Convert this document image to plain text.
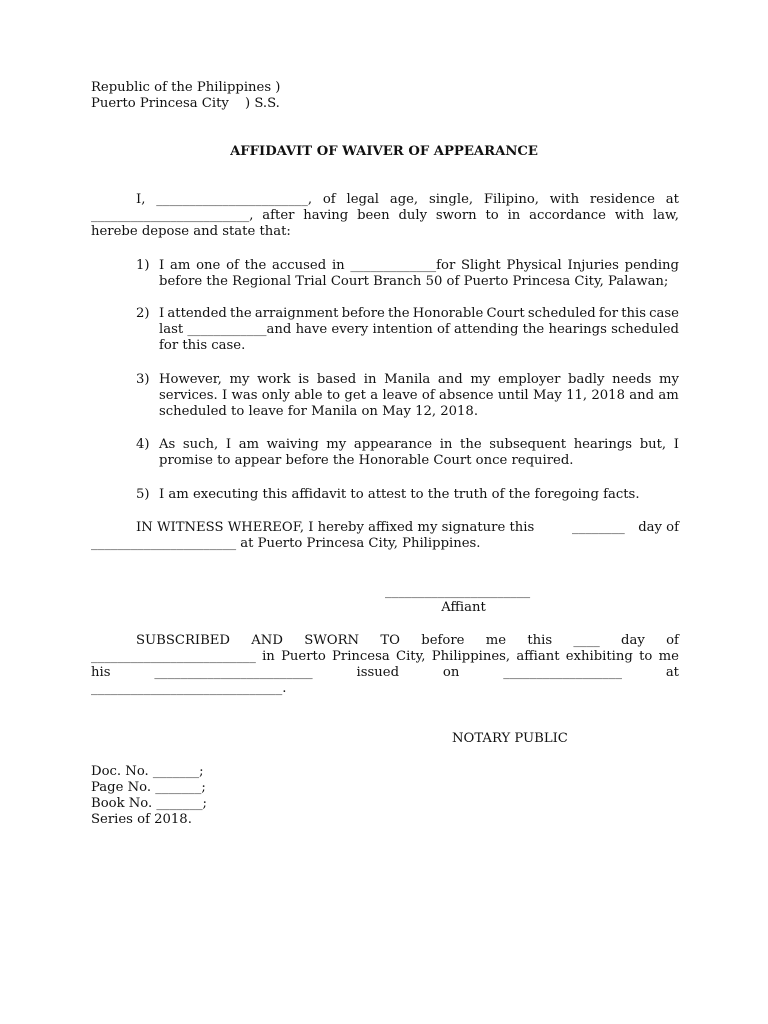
Republic of the Philippines )
Puerto Princesa City ) S.S.
AFFIDAVIT OF WAIVER OF APPEARANCE
I, _______________________, of legal age, single, Filipino, with residence at
________________________, after having been duly sworn to in accordance with law,
herebe depose and state that:
1) I am one of the accused in _____________for Slight Physical Injuries pending
before the Regional Trial Court Branch 50 of Puerto Princesa City, Palawan;
2) I attended the arraignment before the Honorable Court scheduled for this case
last ____________and have every intention of attending the hearings scheduled
for this case.
3) However, my work is based in Manila and my employer badly needs my
services. I was only able to get a leave of absence until May 11, 2018 and am
scheduled to leave for Manila on May 12, 2018.
4) As such, I am waiving my appearance in the subsequent hearings but, I
promise to appear before the Honorable Court once required.
5) I am executing this affidavit to attest to the truth of the foregoing facts.
IN WITNESS WHEREOF, I hereby affixed my signature this	________	day of
______________________ at Puerto Princesa City, Philippines.
______________________
Affiant
SUBSCRIBED AND SWORN TO before me this ____ day of
_________________________ in Puerto Princesa City, Philippines, affiant exhibiting to me
his	________________________	issued	on	__________________	at
_____________________________.
NOTARY PUBLIC
Doc. No. _______;
Page No. _______;
Book No. _______;
Series of 2018.
